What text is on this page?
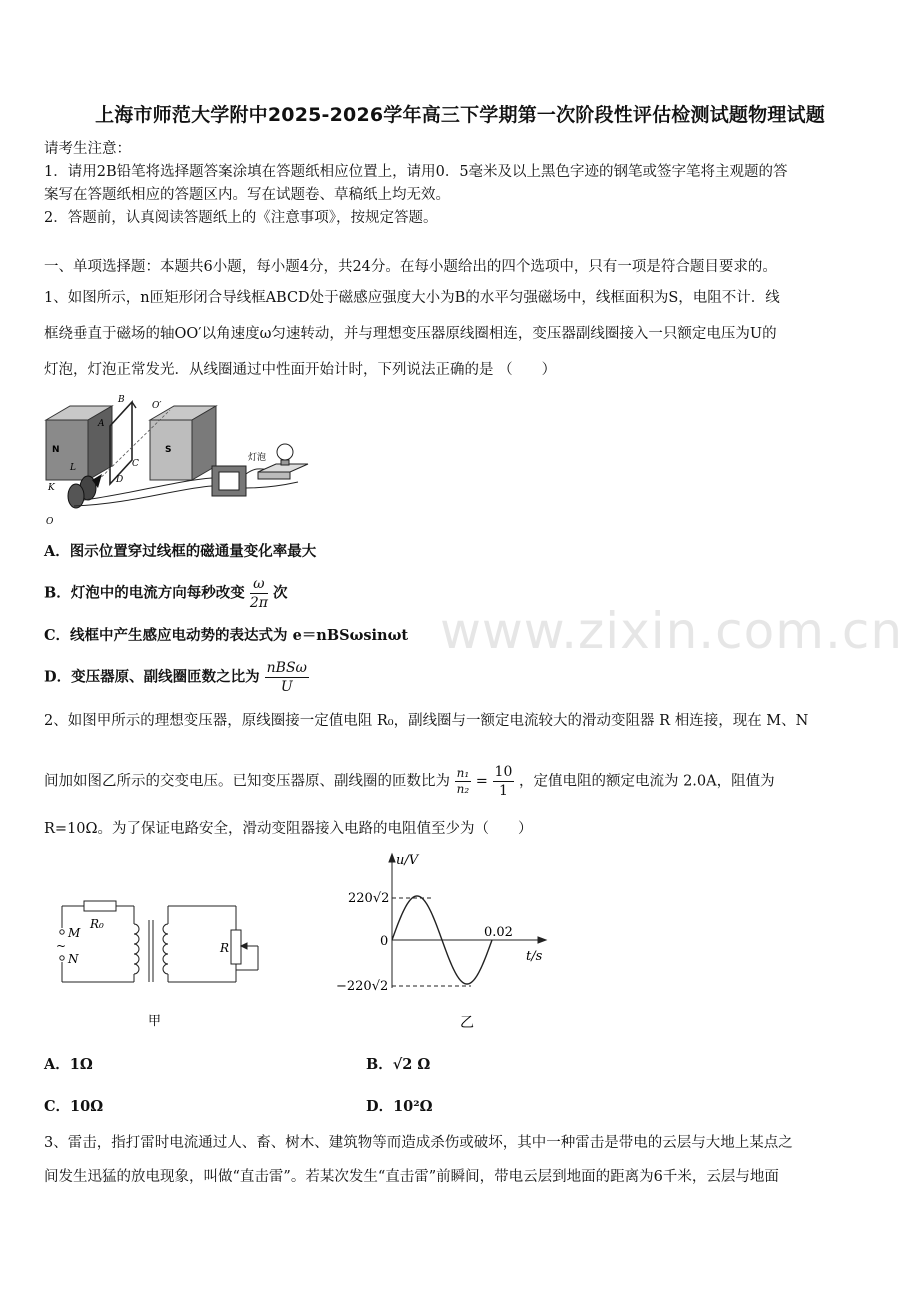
www.zixin.com.cn
上海市师范大学附中2025-2026学年高三下学期第一次阶段性评估检测试题物理试题
请考生注意：
1．请用2B铅笔将选择题答案涂填在答题纸相应位置上，请用0．5毫米及以上黑色字迹的钢笔或签字笔将主观题的答
案写在答题纸相应的答题区内。写在试题卷、草稿纸上均无效。
2．答题前，认真阅读答题纸上的《注意事项》，按规定答题。
一、单项选择题：本题共6小题，每小题4分，共24分。在每小题给出的四个选项中，只有一项是符合题目要求的。
1、如图所示，n匝矩形闭合导线框ABCD处于磁感应强度大小为B的水平匀强磁场中，线框面积为S，电阻不计．线
框绕垂直于磁场的轴OO′以角速度ω匀速转动，并与理想变压器原线圈相连，变压器副线圈接入一只额定电压为U的
灯泡，灯泡正常发光．从线圈通过中性面开始计时，下列说法正确的是 （　　）
B
A
O′
N
C
L
D
S
K
O
灯泡
A．图示位置穿过线框的磁通量变化率最大
B．灯泡中的电流方向每秒改变 $\frac{\omega}{2\pi}$ 次
C．线框中产生感应电动势的表达式为 e＝nBSωsinωt
D．变压器原、副线圈匝数之比为 $\frac{\text{nBSω}}{U}$
2、如图甲所示的理想变压器，原线圈接一定值电阻 R₀，副线圈与一额定电流较大的滑动变阻器 R 相连接，现在 M、N
间加如图乙所示的交变电压。已知变压器原、副线圈的匝数比为 $\frac{\text{n₁}}{\text{n₂}} = \frac{10}{1}$ ，定值电阻的额定电流为 2.0A，阻值为
R=10Ω。为了保证电路安全，滑动变阻器接入电路的电阻值至少为（　　）
R₀
M
~
N
R
甲
u/V
t/s
220√2
0
−220√2
0.02
乙
A．1Ω	B．√2 Ω
C．10Ω	D．10²Ω
3、雷击，指打雷时电流通过人、畜、树木、建筑物等而造成杀伤或破坏，其中一种雷击是带电的云层与大地上某点之
间发生迅猛的放电现象，叫做“直击雷”。若某次发生“直击雷”前瞬间，带电云层到地面的距离为6千米，云层与地面
